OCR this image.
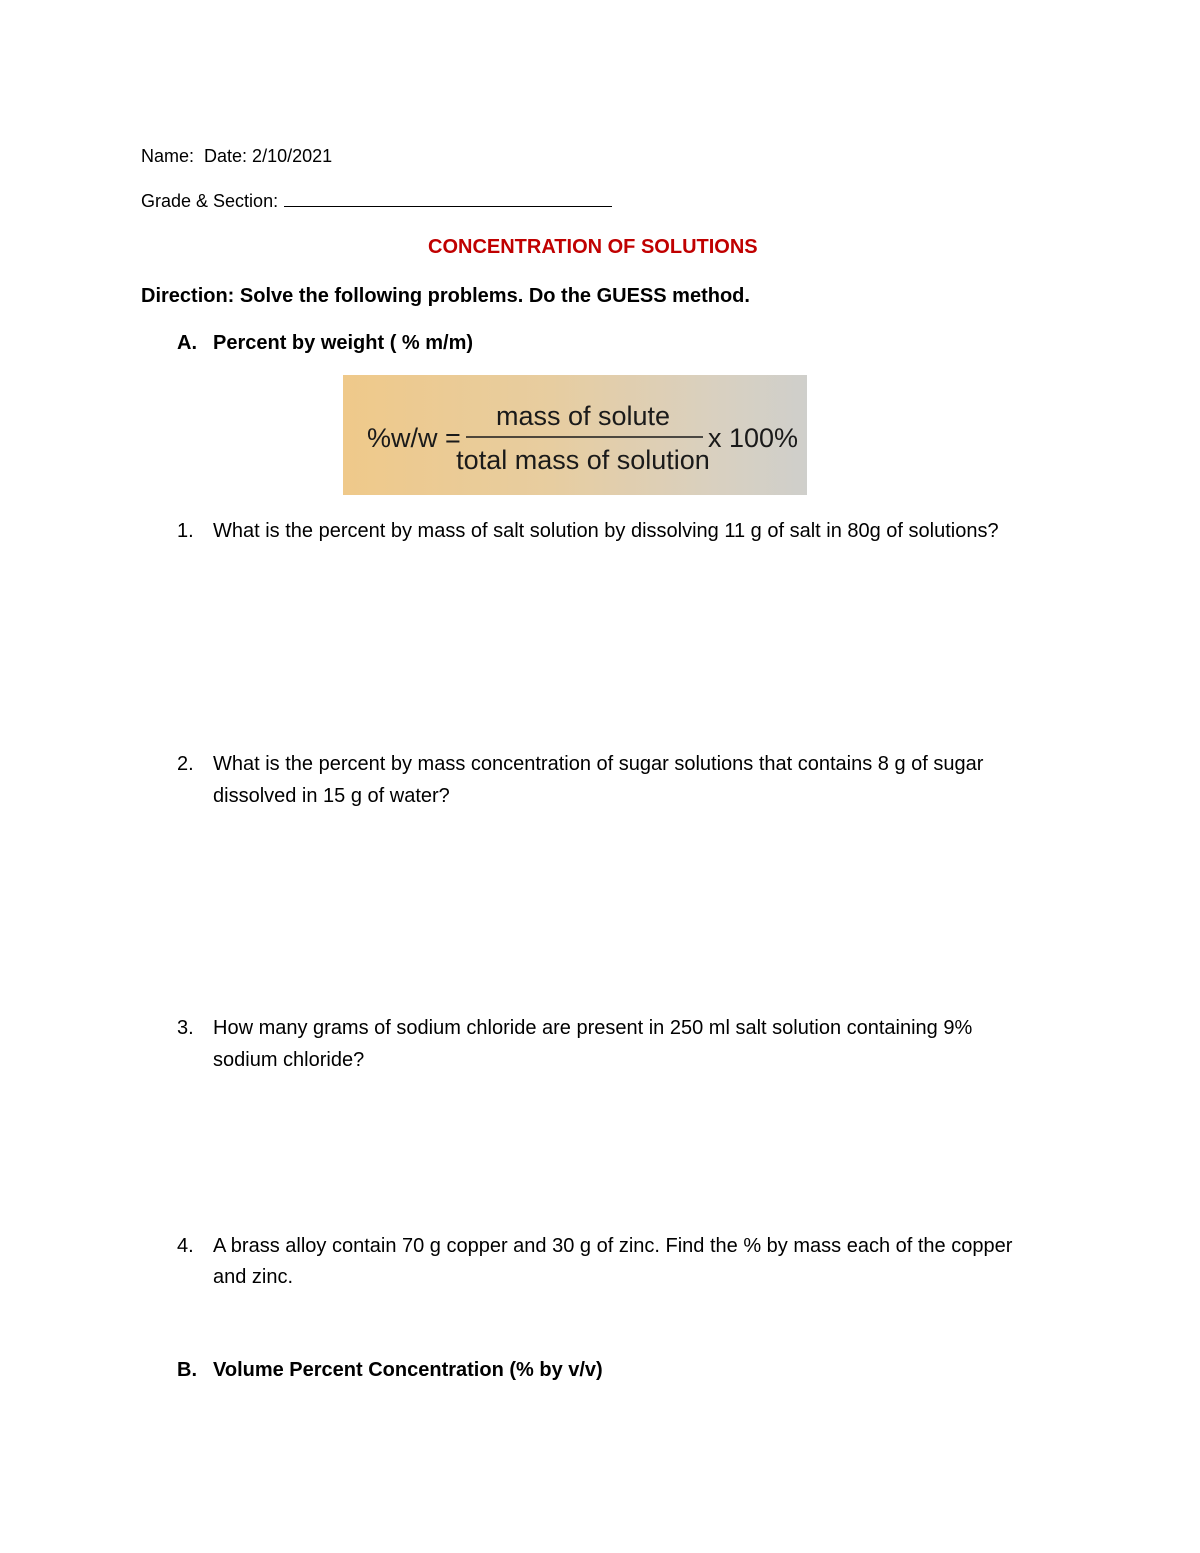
Name: Date: 2/10/2021
Grade & Section:
CONCENTRATION OF SOLUTIONS
Direction: Solve the following problems. Do the GUESS method.
A. Percent by weight ( % m/m)
%w/w =
mass of solute
total mass of solution
x 100%
1. What is the percent by mass of salt solution by dissolving 11 g of salt in 80g of solutions?
2. What is the percent by mass concentration of sugar solutions that contains 8 g of sugar
dissolved in 15 g of water?
3. How many grams of sodium chloride are present in 250 ml salt solution containing 9%
sodium chloride?
4. A brass alloy contain 70 g copper and 30 g of zinc. Find the % by mass each of the copper
and zinc.
B. Volume Percent Concentration (% by v/v)
